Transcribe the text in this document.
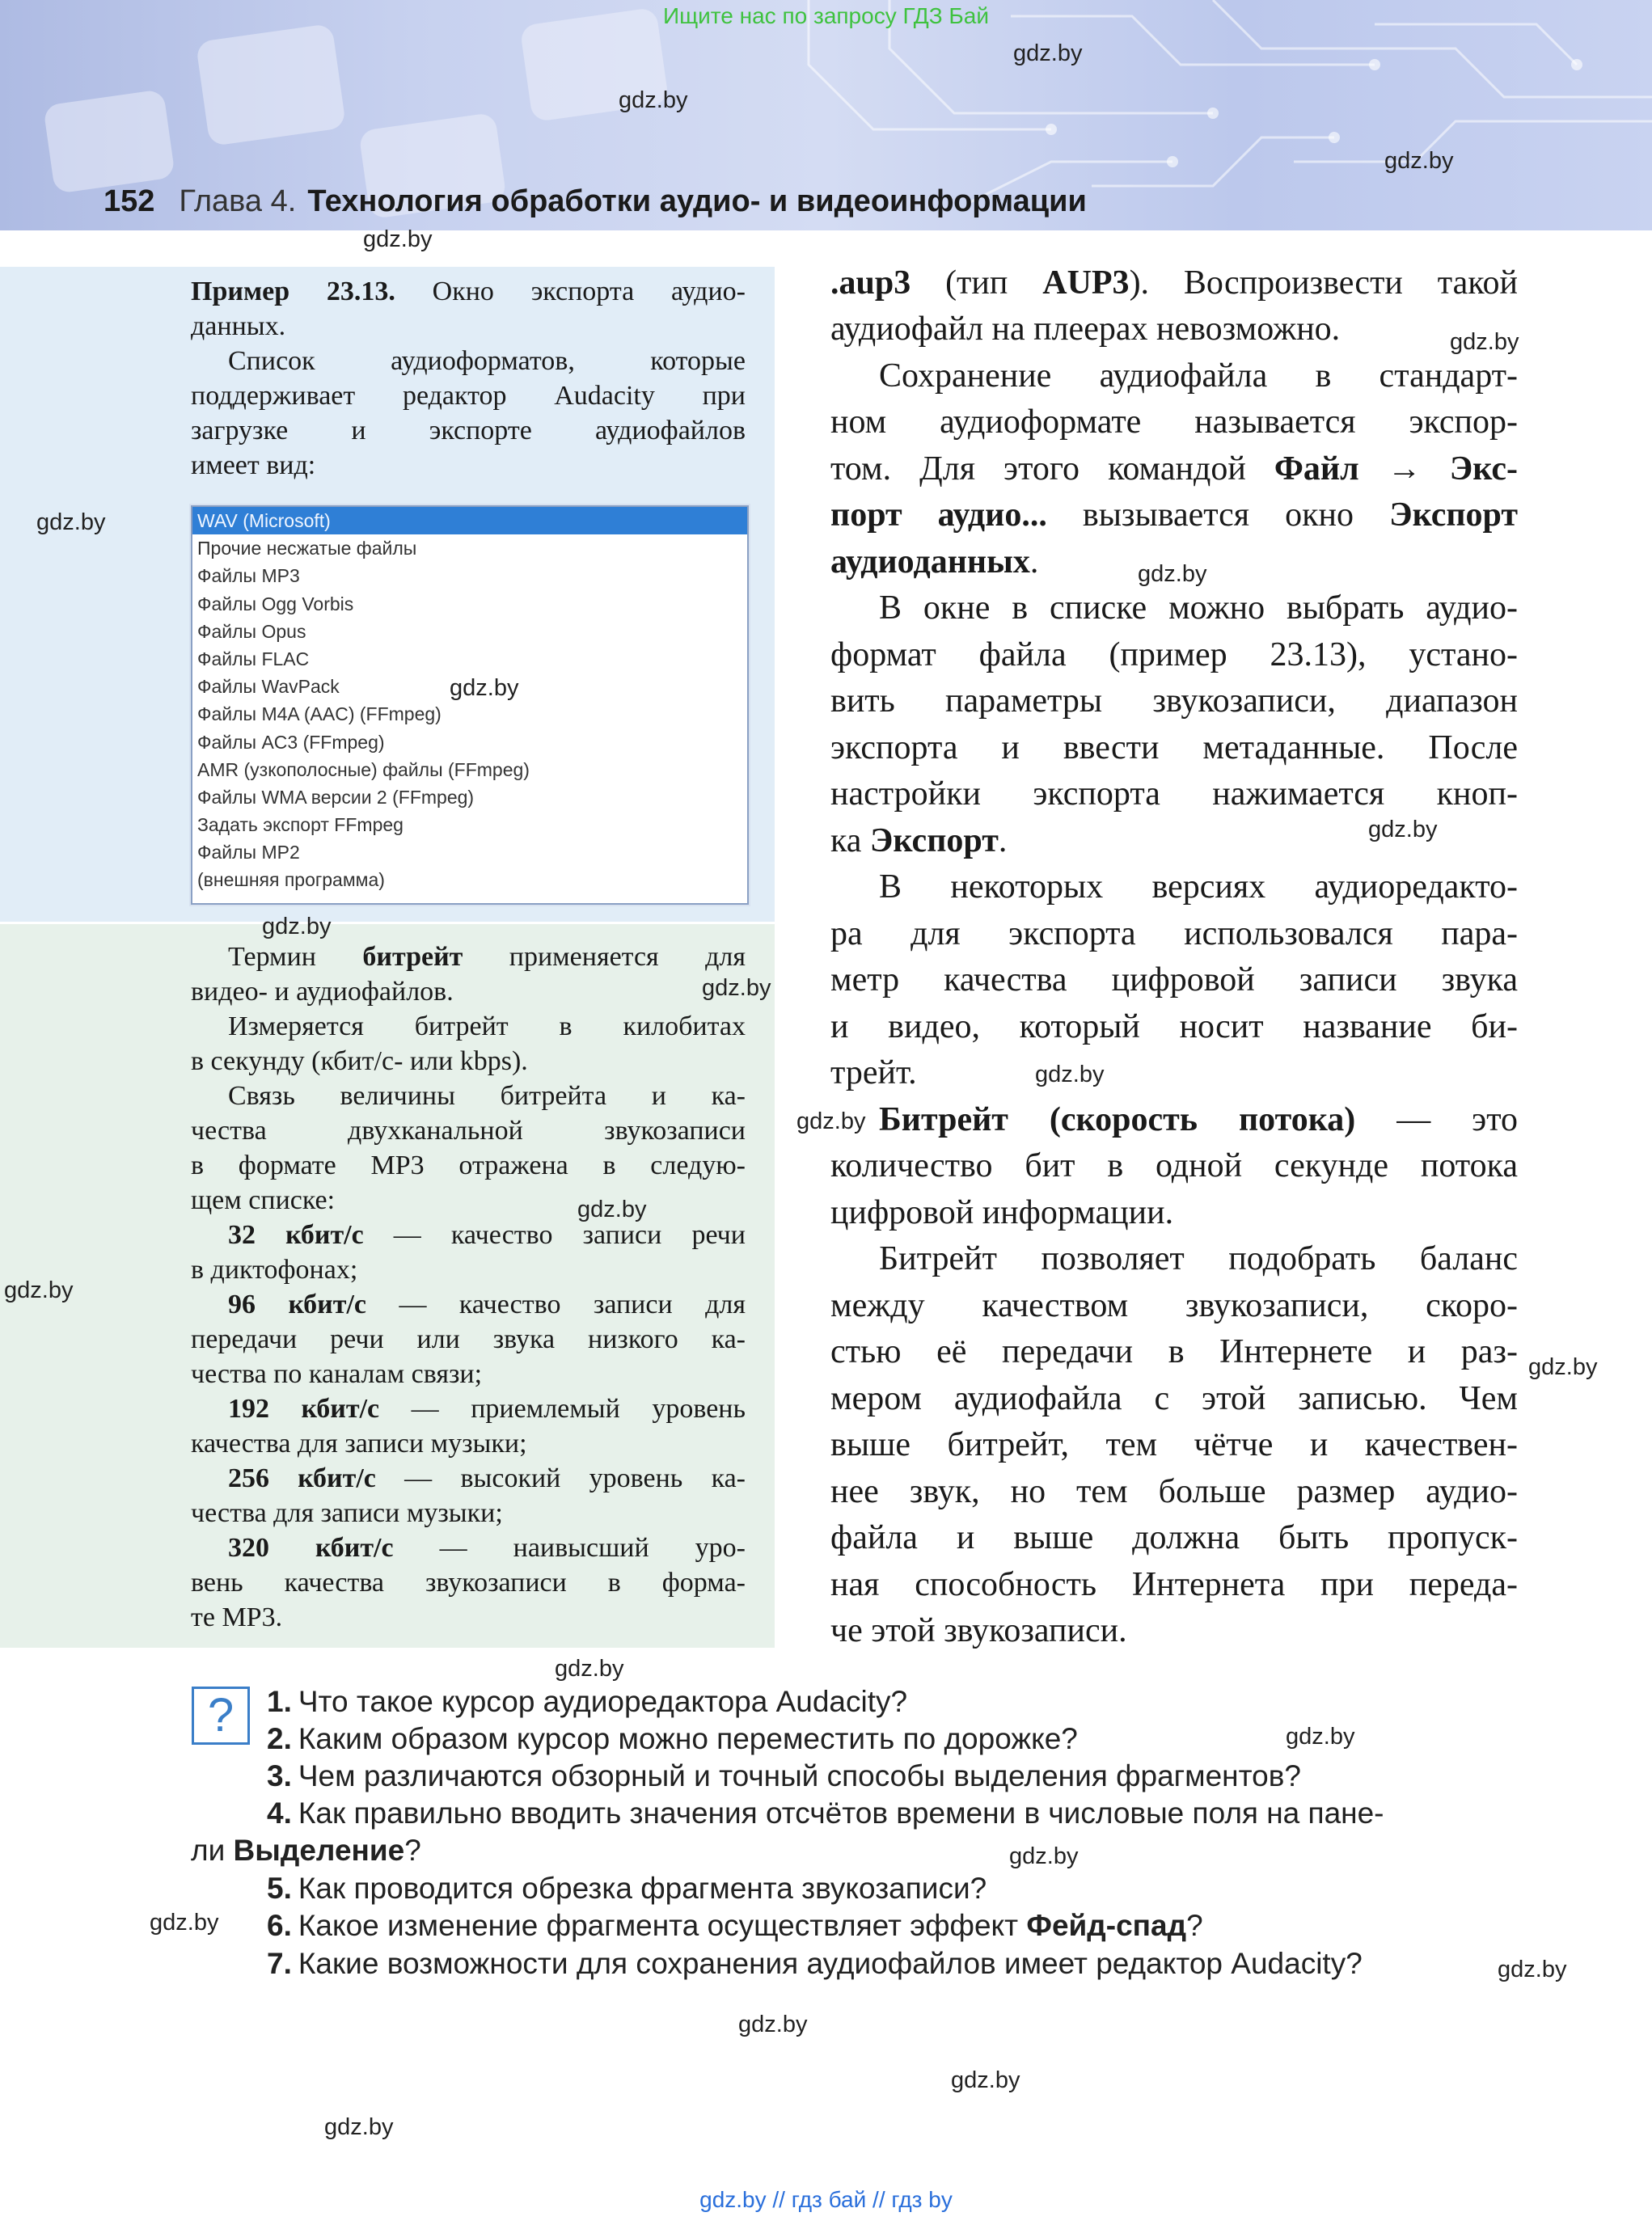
Ищите нас по запросу ГДЗ Бай
152 Глава 4. Технология обработки аудио- и видеоинформации
Пример 23.13. Окно экспорта аудио-
данных.
Список аудиоформатов, которые
поддерживает редактор Audacity при
загрузке и экспорте аудиофайлов
имеет вид:
WAV (Microsoft)
Прочие несжатые файлы
Файлы MP3
Файлы Ogg Vorbis
Файлы Opus
Файлы FLAC
Файлы WavPack
Файлы M4A (AAC) (FFmpeg)
Файлы AC3 (FFmpeg)
AMR (узкополосные) файлы (FFmpeg)
Файлы WMA версии 2 (FFmpeg)
Задать экспорт FFmpeg
Файлы MP2
(внешняя программа)
Термин битрейт применяется для
видео- и аудиофайлов.
Измеряется битрейт в килобитах
в секунду (кбит/с- или kbps).
Связь величины битрейта и ка-
чества двухканальной звукозаписи
в формате MP3 отражена в следую-
щем списке:
32 кбит/с — качество записи речи
в диктофонах;
96 кбит/с — качество записи для
передачи речи или звука низкого ка-
чества по каналам связи;
192 кбит/с — приемлемый уровень
качества для записи музыки;
256 кбит/с — высокий уровень ка-
чества для записи музыки;
320 кбит/с — наивысший уро-
вень качества звукозаписи в форма-
те MP3.
.aup3 (тип AUP3). Воспроизвести такой
аудиофайл на плеерах невозможно.
Сохранение аудиофайла в стандарт-
ном аудиоформате называется экспор-
том. Для этого командой Файл → Экс-
порт аудио... вызывается окно Экспорт
аудиоданных.
В окне в списке можно выбрать аудио-
формат файла (пример 23.13), устано-
вить параметры звукозаписи, диапазон
экспорта и ввести метаданные. После
настройки экспорта нажимается кноп-
ка Экспорт.
В некоторых версиях аудиоредакто-
ра для экспорта использовался пара-
метр качества цифровой записи звука
и видео, который носит название би-
трейт.
Битрейт (скорость потока) — это
количество бит в одной секунде потока
цифровой информации.
Битрейт позволяет подобрать баланс
между качеством звукозаписи, скоро-
стью её передачи в Интернете и раз-
мером аудиофайла с этой записью. Чем
выше битрейт, тем чётче и качествен-
нее звук, но тем больше размер аудио-
файла и выше должна быть пропуск-
ная способность Интернета при переда-
че этой звукозаписи.
?	1. Что такое курсор аудиоредактора Audacity?
2. Каким образом курсор можно переместить по дорожке?
3. Чем различаются обзорный и точный способы выделения фрагментов?
4. Как правильно вводить значения отсчётов времени в числовые поля на пане-
ли Выделение?
5. Как проводится обрезка фрагмента звукозаписи?
6. Какое изменение фрагмента осуществляет эффект Фейд-спад?
7. Какие возможности для сохранения аудиофайлов имеет редактор Audacity?
gdz.by
gdz.by
gdz.by
gdz.by
gdz.by
gdz.by
gdz.by
gdz.by
gdz.by
gdz.by
gdz.by
gdz.by
gdz.by
gdz.by
gdz.by
gdz.by
gdz.by
gdz.by
gdz.by
gdz.by
gdz.by
gdz.by
gdz.by
gdz.by
gdz.by // гдз бай // гдз by
